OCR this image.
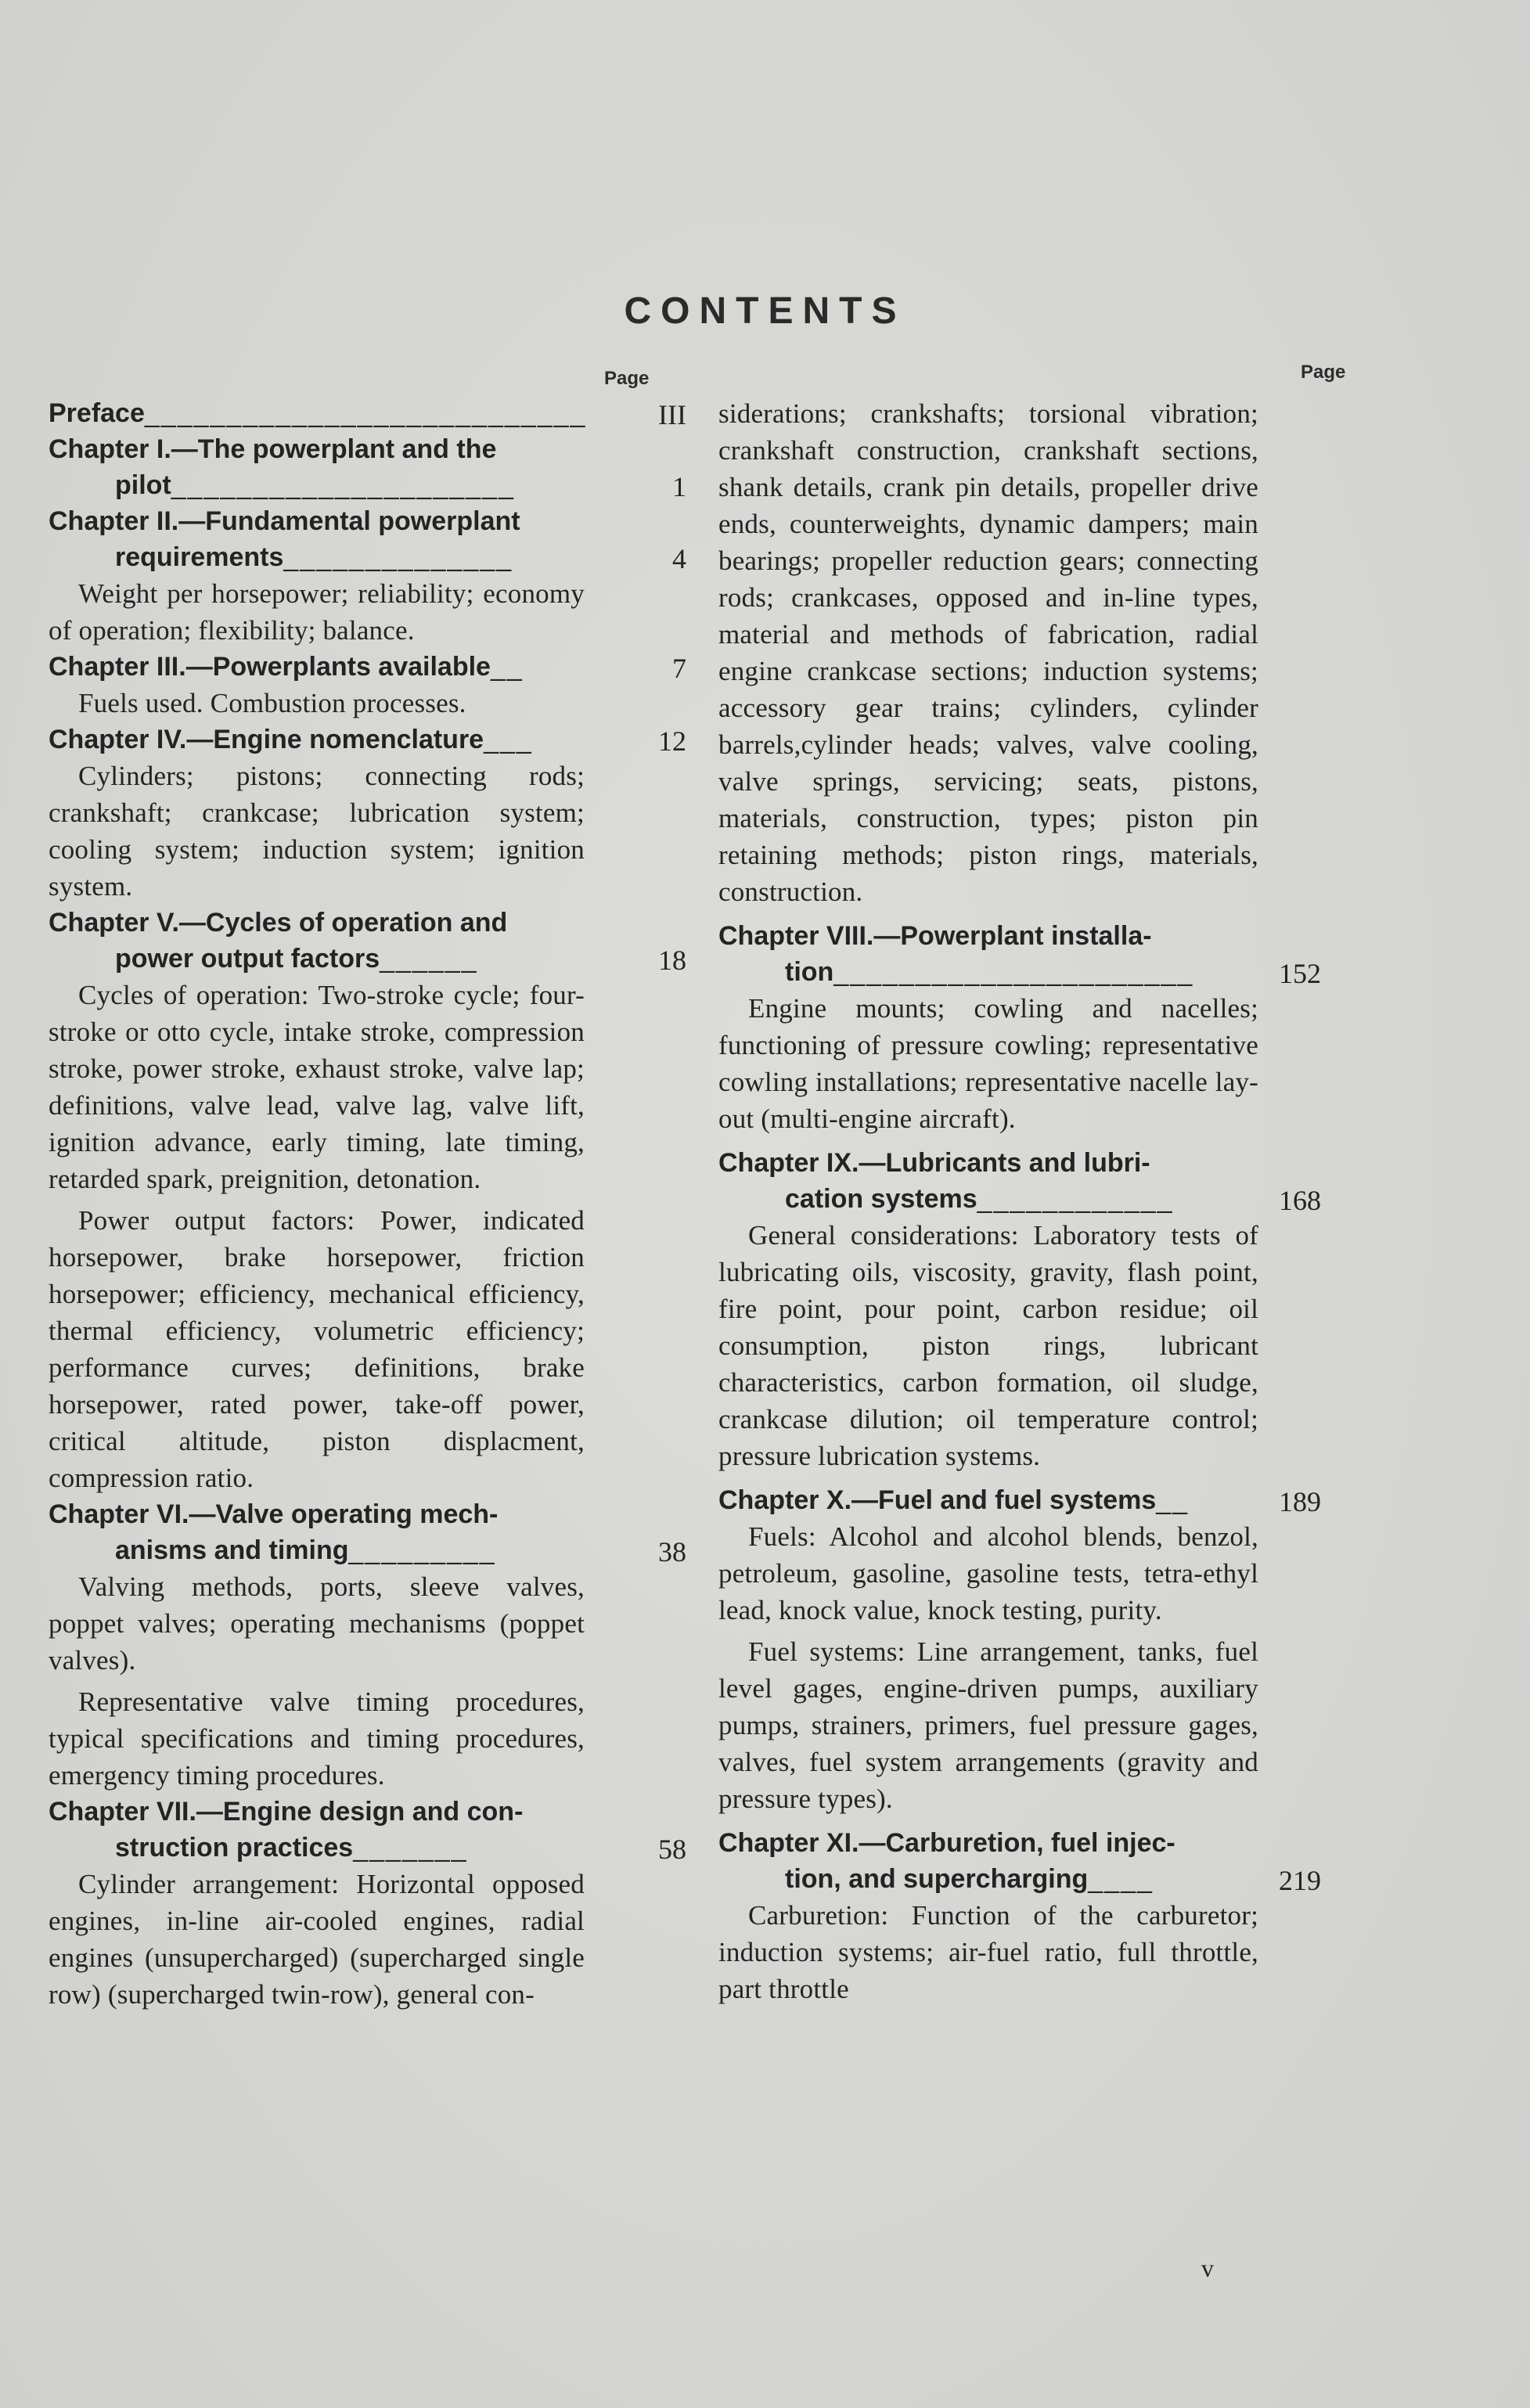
CONTENTS
Page	Page
Preface___________________________	III
Chapter I.—The powerplant and the
pilot_____________________	1
Chapter II.—Fundamental powerplant
requirements______________	4

Weight per horsepower; reliability; economy of operation; flexibility; balance.

Chapter III.—Powerplants available__	7

Fuels used. Combustion processes.

Chapter IV.—Engine nomenclature___	12

Cylinders; pistons; connecting rods; crankshaft; crankcase; lubrication system; cooling system; induction system; ignition system.

Chapter V.—Cycles of operation and
power output factors______	18

Cycles of operation: Two-stroke cycle; four-stroke or otto cycle, intake stroke, compression stroke, power stroke, exhaust stroke, valve lap; definitions, valve lead, valve lag, valve lift, ignition advance, early timing, late timing, retarded spark, preignition, detonation.

Power output factors: Power, indicated horsepower, brake horsepower, friction horsepower; efficiency, mechanical efficiency, thermal efficiency, volumetric efficiency; performance curves; definitions, brake horsepower, rated power, take-off power, critical altitude, piston displacment, compression ratio.

Chapter VI.—Valve operating mech-
anisms and timing_________	38

Valving methods, ports, sleeve valves, poppet valves; operating mechanisms (poppet valves).

Representative valve timing procedures, typical specifications and timing procedures, emergency timing procedures.

Chapter VII.—Engine design and con-
struction practices_______	58

Cylinder arrangement: Horizontal opposed engines, in-line air-cooled engines, radial engines (unsupercharged) (supercharged single row) (supercharged twin-row), general con-

siderations; crankshafts; torsional vibration; crankshaft construction, crankshaft sections, shank details, crank pin details, propeller drive ends, counterweights, dynamic dampers; main bearings; propeller reduction gears; connecting rods; crankcases, opposed and in-line types, material and methods of fabrication, radial engine crankcase sections; induction systems; accessory gear trains; cylinders, cylinder barrels,cylinder heads; valves, valve cooling, valve springs, servicing; seats, pistons, materials, construction, types; piston pin retaining methods; piston rings, materials, construction.

Chapter VIII.—Powerplant installa-
tion______________________	152

Engine mounts; cowling and nacelles; functioning of pressure cowling; representative cowling installations; representative nacelle lay-out (multi-engine aircraft).

Chapter IX.—Lubricants and lubri-
cation systems____________	168

General considerations: Laboratory tests of lubricating oils, viscosity, gravity, flash point, fire point, pour point, carbon residue; oil consumption, piston rings, lubricant characteristics, carbon formation, oil sludge, crankcase dilution; oil temperature control; pressure lubrication systems.

Chapter X.—Fuel and fuel systems__	189

Fuels: Alcohol and alcohol blends, benzol, petroleum, gasoline, gasoline tests, tetra-ethyl lead, knock value, knock testing, purity.

Fuel systems: Line arrangement, tanks, fuel level gages, engine-driven pumps, auxiliary pumps, strainers, primers, fuel pressure gages, valves, fuel system arrangements (gravity and pressure types).

Chapter XI.—Carburetion, fuel injec-
tion, and supercharging____	219

Carburetion: Function of the carburetor; induction systems; air-fuel ratio, full throttle, part throttle

v
